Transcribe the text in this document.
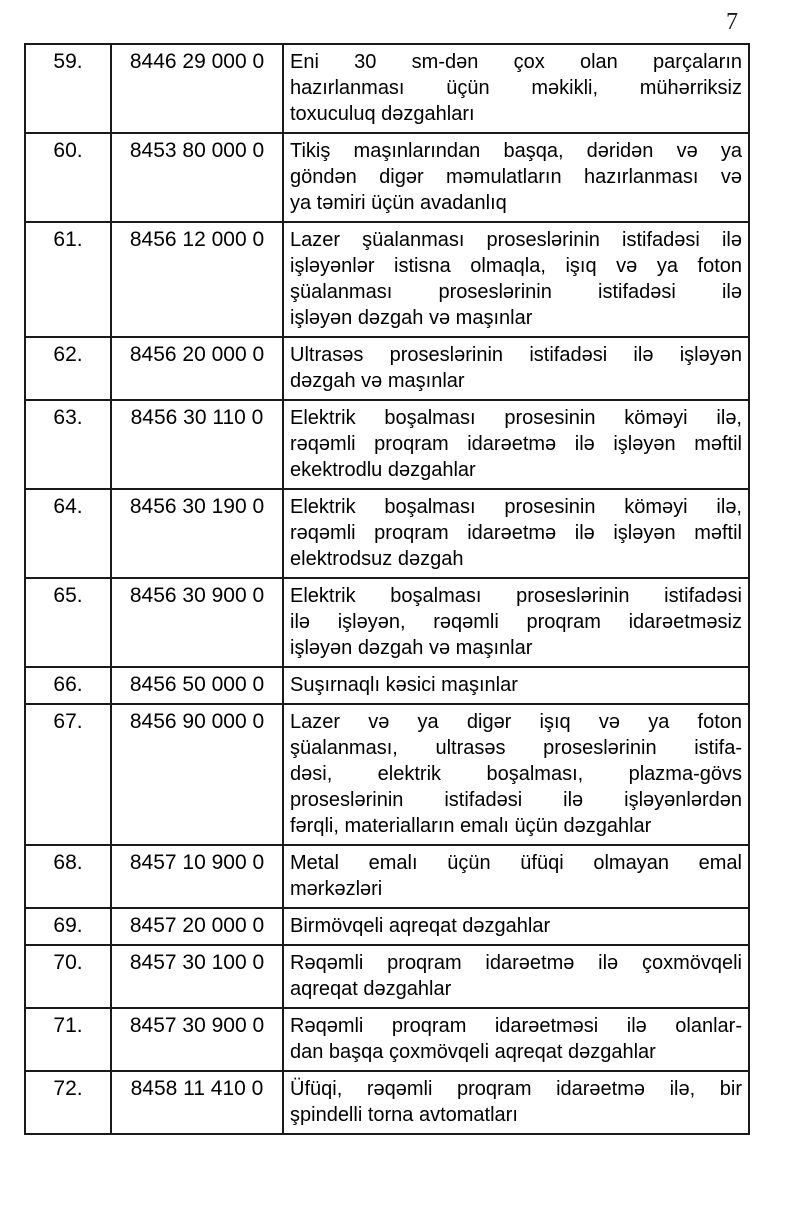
7
59.	8446 29 000 0	Eni 30 sm-dən çox olan parçaların
hazırlanması üçün məkikli, mühərriksiz
toxuculuq dəzgahları

60.	8453 80 000 0	Tikiş maşınlarından başqa, dəridən və ya
göndən digər məmulatların hazırlanması və
ya təmiri üçün avadanlıq

61.	8456 12 000 0	Lazer şüalanması proseslərinin istifadəsi ilə
işləyənlər istisna olmaqla, işıq və ya foton
şüalanması proseslərinin istifadəsi ilə
işləyən dəzgah və maşınlar

62.	8456 20 000 0	Ultrasəs proseslərinin istifadəsi ilə işləyən
dəzgah və maşınlar

63.	8456 30 110 0	Elektrik boşalması prosesinin köməyi ilə,
rəqəmli proqram idarəetmə ilə işləyən məftil
ekektrodlu dəzgahlar

64.	8456 30 190 0	Elektrik boşalması prosesinin köməyi ilə,
rəqəmli proqram idarəetmə ilə işləyən məftil
elektrodsuz dəzgah

65.	8456 30 900 0	Elektrik boşalması proseslərinin istifadəsi
ilə işləyən, rəqəmli proqram idarəetməsiz
işləyən dəzgah və maşınlar

66.	8456 50 000 0	Suşırnaqlı kəsici maşınlar

67.	8456 90 000 0	Lazer və ya digər işıq və ya foton
şüalanması, ultrasəs proseslərinin istifa-
dəsi, elektrik boşalması, plazma-gövs
proseslərinin istifadəsi ilə işləyənlərdən
fərqli, materialların emalı üçün dəzgahlar

68.	8457 10 900 0	Metal emalı üçün üfüqi olmayan emal
mərkəzləri

69.	8457 20 000 0	Birmövqeli aqreqat dəzgahlar

70.	8457 30 100 0	Rəqəmli proqram idarəetmə ilə çoxmövqeli
aqreqat dəzgahlar

71.	8457 30 900 0	Rəqəmli proqram idarəetməsi ilə olanlar-
dan başqa çoxmövqeli aqreqat dəzgahlar

72.	8458 11 410 0	Üfüqi, rəqəmli proqram idarəetmə ilə, bir
şpindelli torna avtomatları
